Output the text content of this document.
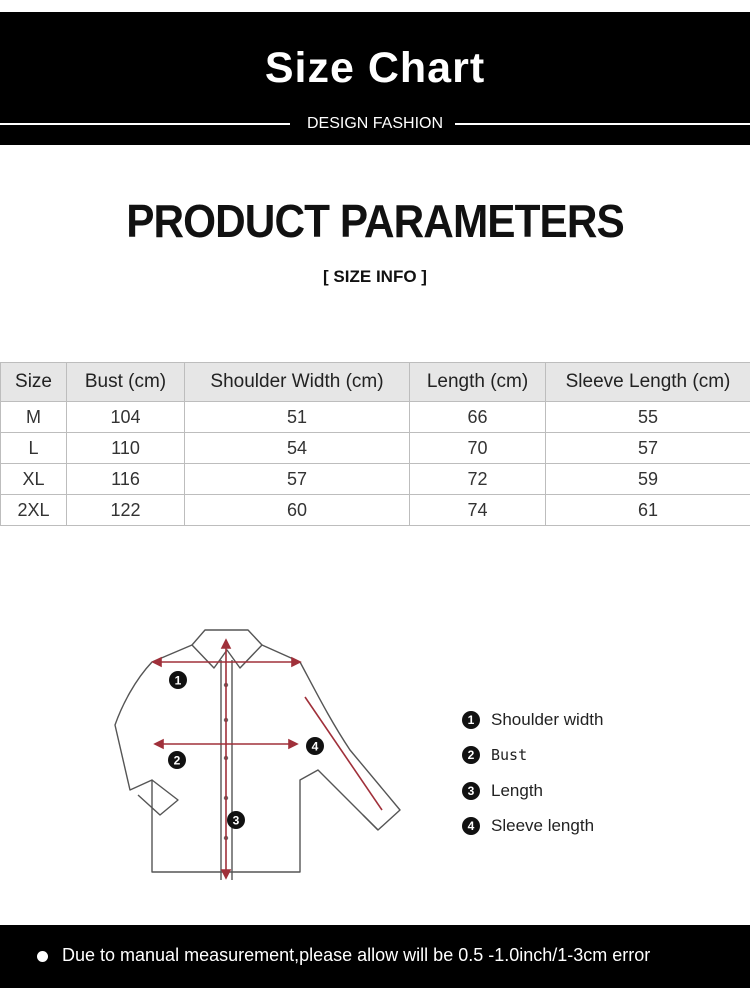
Size Chart
DESIGN FASHION
PRODUCT PARAMETERS
[ SIZE INFO ]
Size	Bust (cm)	Shoulder Width (cm)	Length (cm)	Sleeve Length (cm)
M	104	51	66	55
L	110	54	70	57
XL	116	57	72	59
2XL	122	60	74	61
1
2
3
4
1 Shoulder width
2	Bust
3 Length
4 Sleeve length
Due to manual measurement,please allow will be 0.5 -1.0inch/1-3cm error
